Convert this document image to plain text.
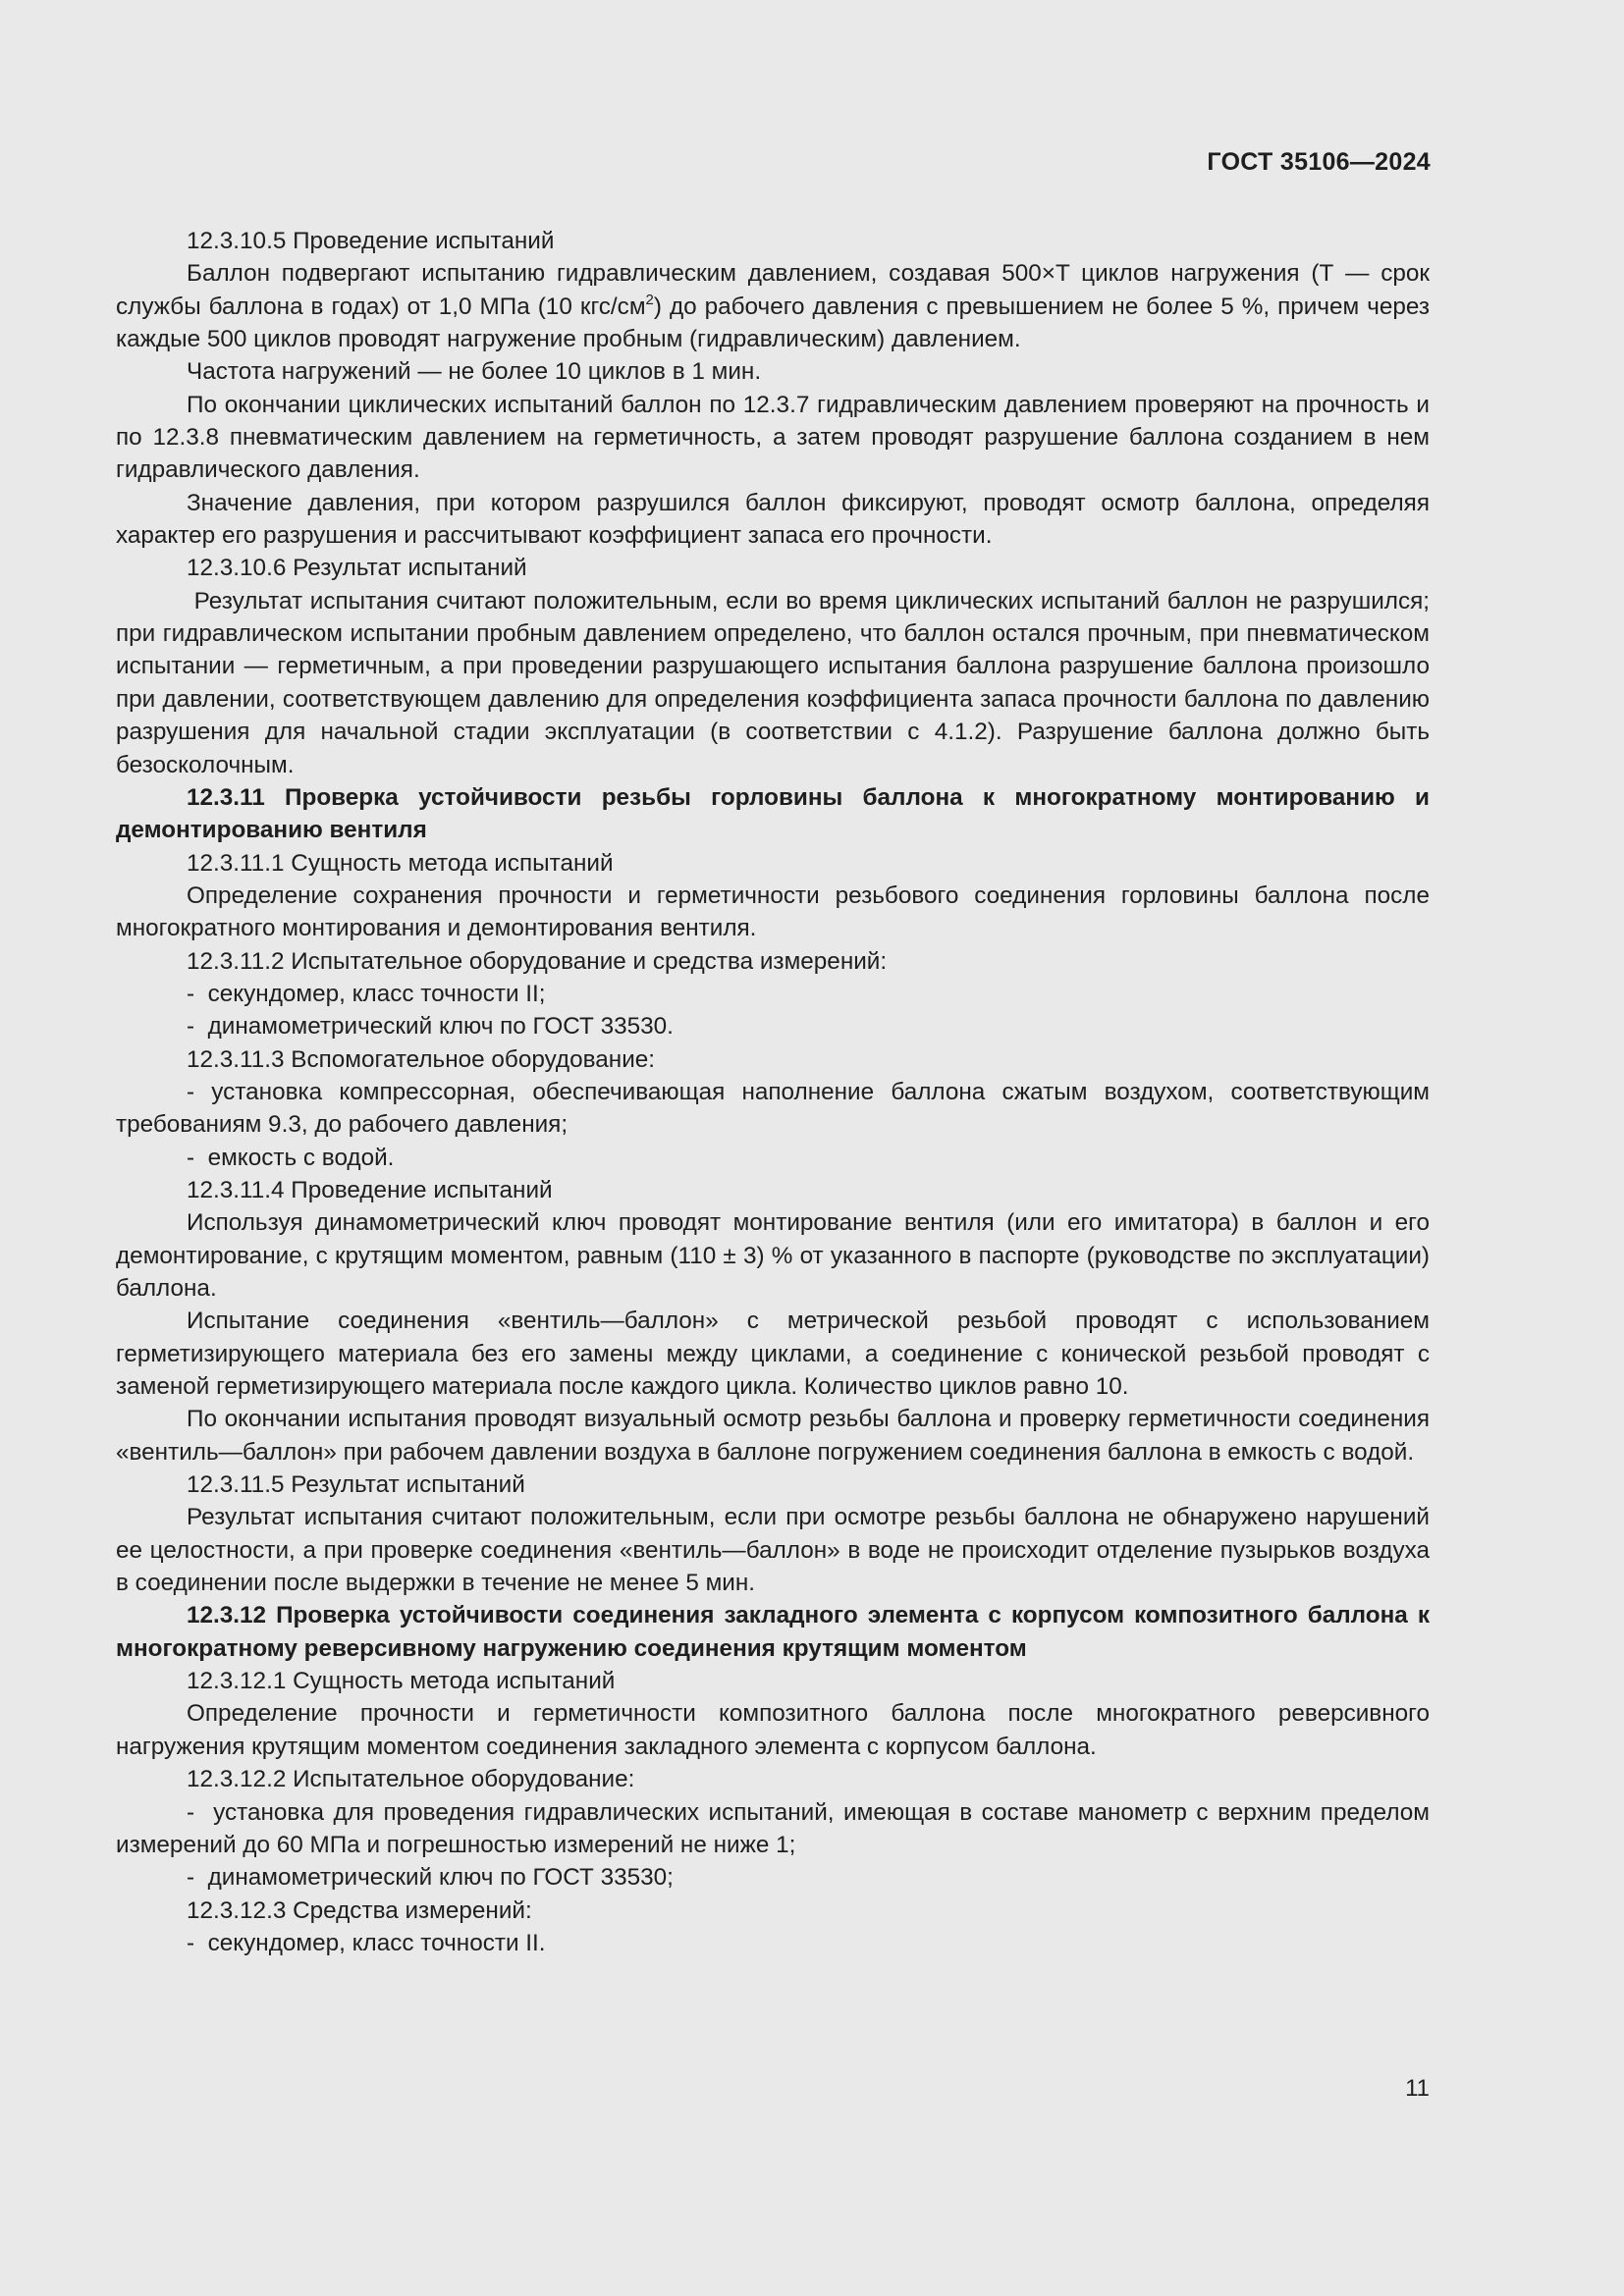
ГОСТ 35106—2024

12.3.10.5 Проведение испытаний

Баллон подвергают испытанию гидравлическим давлением, создавая 500×T циклов нагружения (Т — срок службы баллона в годах) от 1,0 МПа (10 кгс/$см^2$) до рабочего давления с превышением не более 5 %, причем через каждые 500 циклов проводят нагружение пробным (гидравлическим) давлением.

Частота нагружений — не более 10 циклов в 1 мин.

По окончании циклических испытаний баллон по 12.3.7 гидравлическим давлением проверяют на прочность и по 12.3.8 пневматическим давлением на герметичность, а затем проводят разрушение баллона созданием в нем гидравлического давления.

Значение давления, при котором разрушился баллон фиксируют, проводят осмотр баллона, определяя характер его разрушения и рассчитывают коэффициент запаса его прочности.

12.3.10.6 Результат испытаний

Результат испытания считают положительным, если во время циклических испытаний баллон не разрушился; при гидравлическом испытании пробным давлением определено, что баллон остался прочным, при пневматическом испытании — герметичным, а при проведении разрушающего испытания баллона разрушение баллона произошло при давлении, соответствующем давлению для определения коэффициента запаса прочности баллона по давлению разрушения для начальной стадии эксплуатации (в соответствии с 4.1.2). Разрушение баллона должно быть безосколочным.

12.3.11 Проверка устойчивости резьбы горловины баллона к многократному монтированию и демонтированию вентиля

12.3.11.1 Сущность метода испытаний

Определение сохранения прочности и герметичности резьбового соединения горловины баллона после многократного монтирования и демонтирования вентиля.

12.3.11.2 Испытательное оборудование и средства измерений:

-  секундомер, класс точности II;

-  динамометрический ключ по ГОСТ 33530.

12.3.11.3 Вспомогательное оборудование:

- установка компрессорная, обеспечивающая наполнение баллона сжатым воздухом, соответствующим требованиям 9.3, до рабочего давления;

-  емкость с водой.

12.3.11.4 Проведение испытаний

Используя динамометрический ключ проводят монтирование вентиля (или его имитатора) в баллон и его демонтирование, с крутящим моментом, равным (110 ± 3) % от указанного в паспорте (руководстве по эксплуатации) баллона.

Испытание соединения «вентиль—баллон» с метрической резьбой проводят с использованием герметизирующего материала без его замены между циклами, а соединение с конической резьбой проводят с заменой герметизирующего материала после каждого цикла. Количество циклов равно 10.

По окончании испытания проводят визуальный осмотр резьбы баллона и проверку герметичности соединения «вентиль—баллон» при рабочем давлении воздуха в баллоне погружением соединения баллона в емкость с водой.

12.3.11.5 Результат испытаний

Результат испытания считают положительным, если при осмотре резьбы баллона не обнаружено нарушений ее целостности, а при проверке соединения «вентиль—баллон» в воде не происходит отделение пузырьков воздуха в соединении после выдержки в течение не менее 5 мин.

12.3.12 Проверка устойчивости соединения закладного элемента с корпусом композитного баллона к многократному реверсивному нагружению соединения крутящим моментом

12.3.12.1 Сущность метода испытаний

Определение прочности и герметичности композитного баллона после многократного реверсивного нагружения крутящим моментом соединения закладного элемента с корпусом баллона.

12.3.12.2 Испытательное оборудование:

-  установка для проведения гидравлических испытаний, имеющая в составе манометр с верхним пределом измерений до 60 МПа и погрешностью измерений не ниже 1;

-  динамометрический ключ по ГОСТ 33530;

12.3.12.3 Средства измерений:

-  секундомер, класс точности II.

11
